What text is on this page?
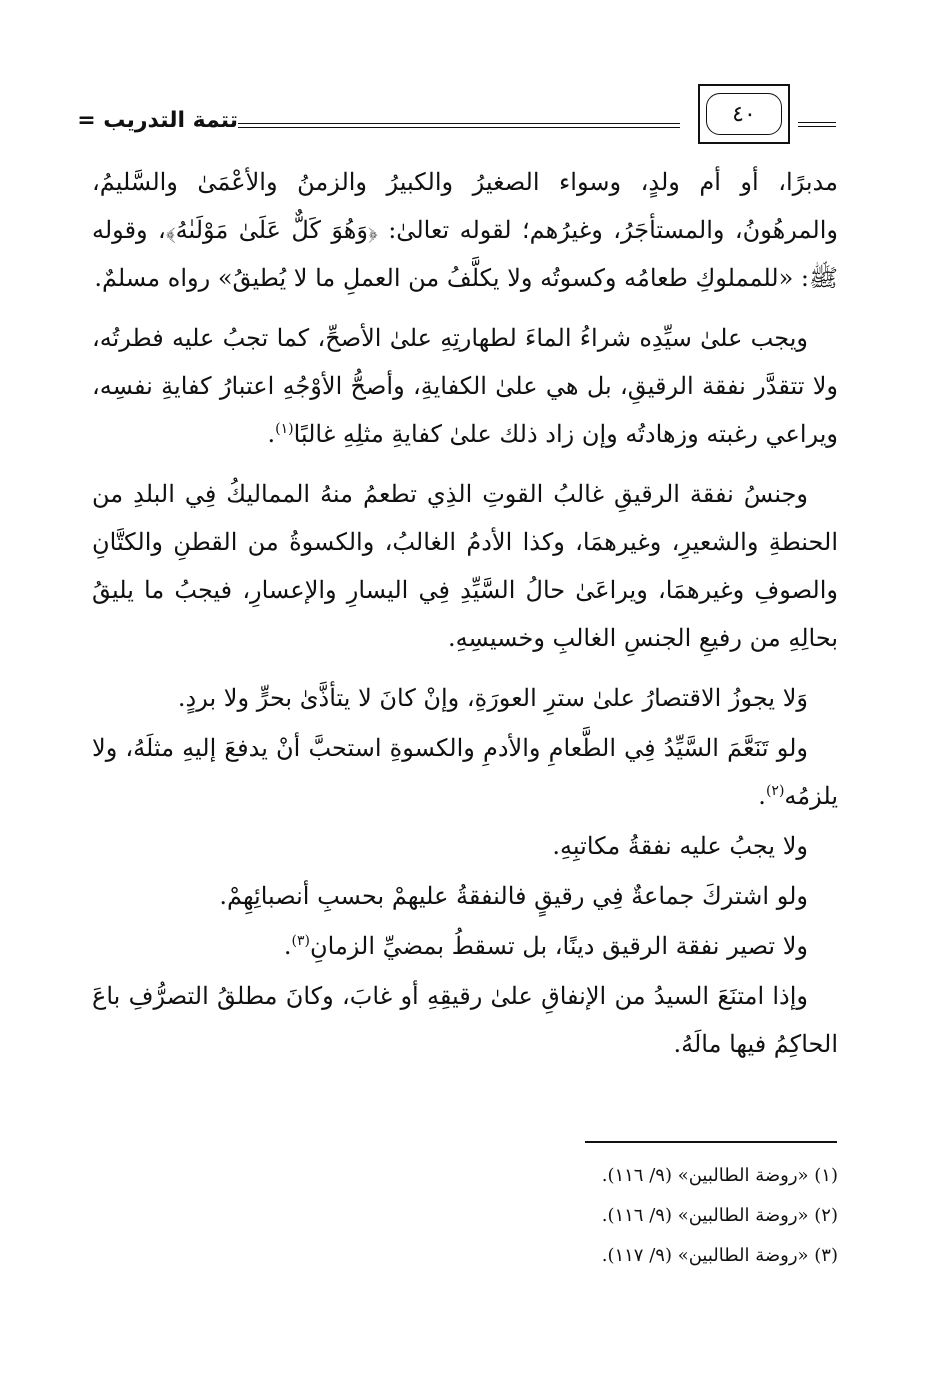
تتمة التدريب =	٤٠

مدبرًا، أو أم ولدٍ، وسواء الصغيرُ والكبيرُ والزمنُ والأعْمَىٰ والسَّليمُ، والمرهُونُ، والمستأجَرُ، وغيرُهم؛ لقوله تعالىٰ: ﴿وَهُوَ كَلٌّ عَلَىٰ مَوْلَىٰهُ﴾، وقوله ﷺ: «للمملوكِ طعامُه وكسوتُه ولا يكلَّفُ من العملِ ما لا يُطيقُ» رواه مسلمٌ.

ويجب علىٰ سيِّدِه شراءُ الماءَ لطهارتِهِ علىٰ الأصحِّ، كما تجبُ عليه فطرتُه، ولا تتقدَّر نفقة الرقيقِ، بل هي علىٰ الكفايةِ، وأصحُّ الأوْجُهِ اعتبارُ كفايةِ نفسِه، ويراعي رغبته وزهادتُه وإن زاد ذلك علىٰ كفايةِ مثلِهِ غالبًا$^{(١)}$.

وجنسُ نفقة الرقيقِ غالبُ القوتِ الذِي تطعمُ منهُ المماليكُ فِي البلدِ من الحنطةِ والشعيرِ، وغيرهمَا، وكذا الأدمُ الغالبُ، والكسوةُ من القطنِ والكتَّانِ والصوفِ وغيرهمَا، ويراعَىٰ حالُ السَّيِّدِ فِي اليسارِ والإعسارِ، فيجبُ ما يليقُ بحالِهِ من رفيعِ الجنسِ الغالبِ وخسيسِهِ.

وَلا يجوزُ الاقتصارُ علىٰ سترِ العورَةِ، وإنْ كانَ لا يتأذَّىٰ بحرٍّ ولا بردٍ.

ولو تَنَعَّمَ السَّيِّدُ فِي الطَّعامِ والأدمِ والكسوةِ استحبَّ أنْ يدفعَ إليهِ مثلَهُ، ولا يلزمُه$^{(٢)}$.

ولا يجبُ عليه نفقةُ مكاتبِهِ.

ولو اشتركَ جماعةٌ فِي رقيقٍ فالنفقةُ عليهمْ بحسبِ أنصبائِهِمْ.

ولا تصير نفقة الرقيق دينًا، بل تسقطُ بمضيِّ الزمانِ$^{(٣)}$.

وإذا امتنَعَ السيدُ من الإنفاقِ علىٰ رقيقِهِ أو غابَ، وكانَ مطلقُ التصرُّفِ باعَ الحاكِمُ فيها مالَهُ.

(١) «روضة الطالبين» (٩/ ١١٦).
(٢) «روضة الطالبين» (٩/ ١١٦).
(٣) «روضة الطالبين» (٩/ ١١٧).
